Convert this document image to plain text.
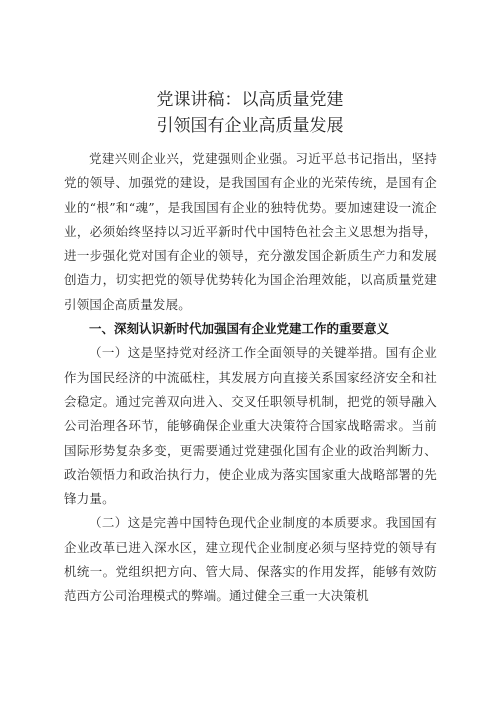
党课讲稿：以高质量党建
引领国有企业高质量发展

党建兴则企业兴，党建强则企业强。习近平总书记指出，坚持党的领导、加强党的建设，是我国国有企业的光荣传统，是国有企业的“根”和“魂”，是我国国有企业的独特优势。要加速建设一流企业，必须始终坚持以习近平新时代中国特色社会主义思想为指导，进一步强化党对国有企业的领导，充分激发国企新质生产力和发展创造力，切实把党的领导优势转化为国企治理效能，以高质量党建引领国企高质量发展。

一、深刻认识新时代加强国有企业党建工作的重要意义

（一）这是坚持党对经济工作全面领导的关键举措。国有企业作为国民经济的中流砥柱，其发展方向直接关系国家经济安全和社会稳定。通过完善双向进入、交叉任职领导机制，把党的领导融入公司治理各环节，能够确保企业重大决策符合国家战略需求。当前国际形势复杂多变，更需要通过党建强化国有企业的政治判断力、政治领悟力和政治执行力，使企业成为落实国家重大战略部署的先锋力量。

（二）这是完善中国特色现代企业制度的本质要求。我国国有企业改革已进入深水区，建立现代企业制度必须与坚持党的领导有机统一。党组织把方向、管大局、保落实的作用发挥，能够有效防范西方公司治理模式的弊端。通过健全三重一大决策机
